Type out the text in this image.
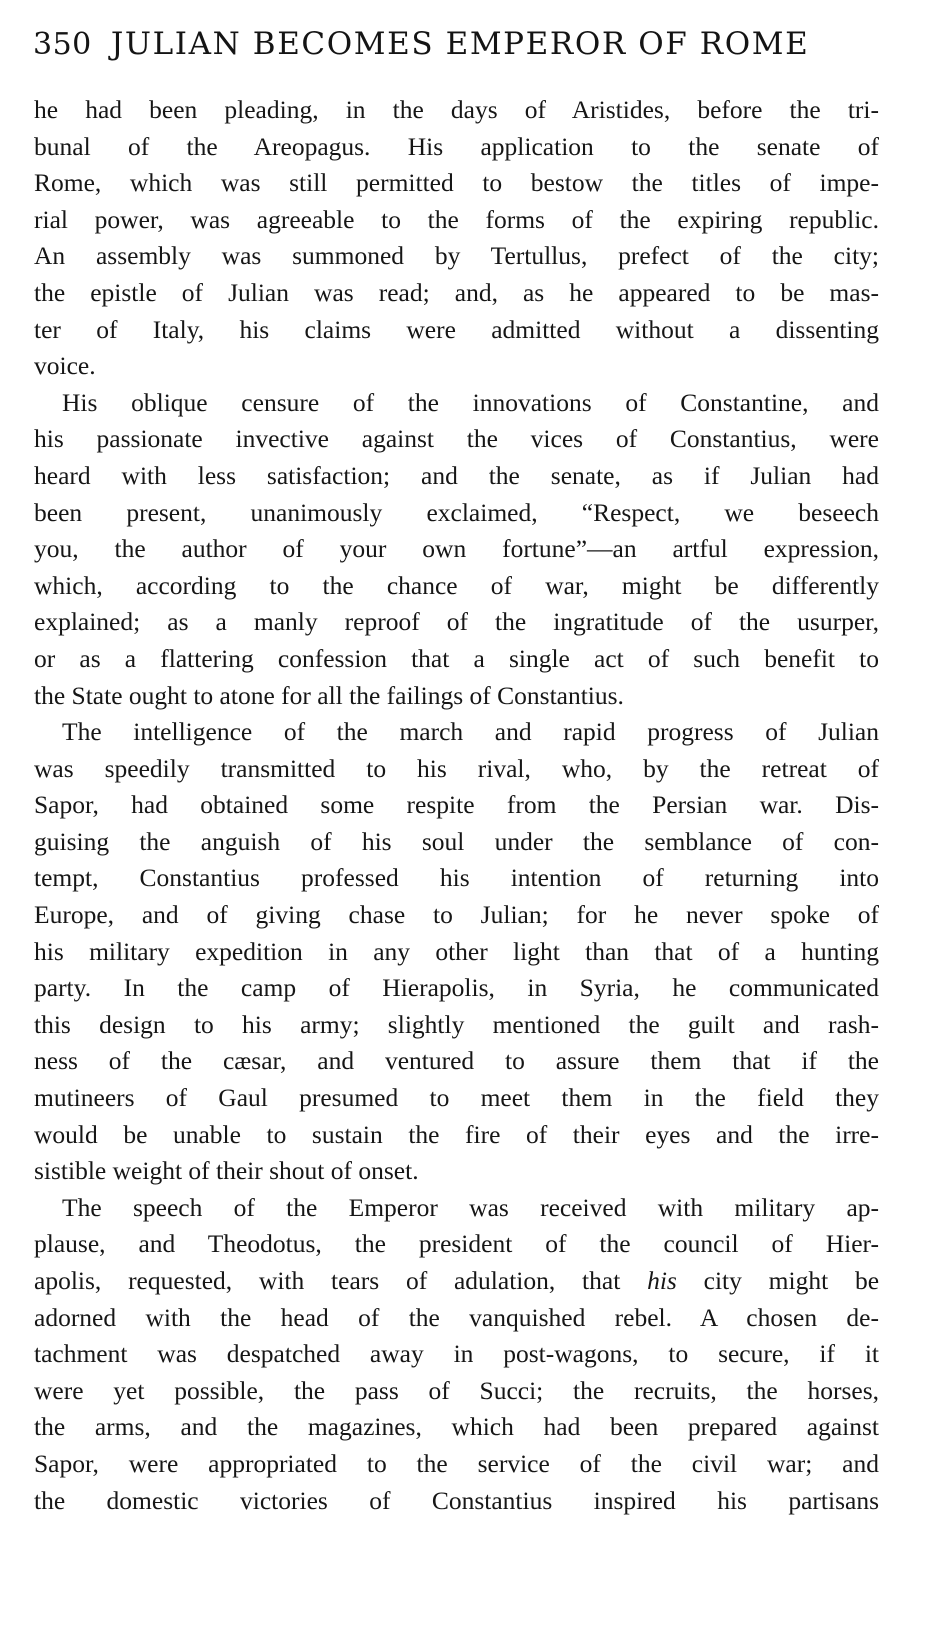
350 JULIAN BECOMES EMPEROR OF ROME
he had been pleading, in the days of Aristides, before the tri-
bunal of the Areopagus. His application to the senate of
Rome, which was still permitted to bestow the titles of impe-
rial power, was agreeable to the forms of the expiring republic.
An assembly was summoned by Tertullus, prefect of the city;
the epistle of Julian was read; and, as he appeared to be mas-
ter of Italy, his claims were admitted without a dissenting
voice.
His oblique censure of the innovations of Constantine, and
his passionate invective against the vices of Constantius, were
heard with less satisfaction; and the senate, as if Julian had
been present, unanimously exclaimed, “Respect, we beseech
you, the author of your own fortune”—an artful expression,
which, according to the chance of war, might be differently
explained; as a manly reproof of the ingratitude of the usurper,
or as a flattering confession that a single act of such benefit to
the State ought to atone for all the failings of Constantius.
The intelligence of the march and rapid progress of Julian
was speedily transmitted to his rival, who, by the retreat of
Sapor, had obtained some respite from the Persian war. Dis-
guising the anguish of his soul under the semblance of con-
tempt, Constantius professed his intention of returning into
Europe, and of giving chase to Julian; for he never spoke of
his military expedition in any other light than that of a hunting
party. In the camp of Hierapolis, in Syria, he communicated
this design to his army; slightly mentioned the guilt and rash-
ness of the cæsar, and ventured to assure them that if the
mutineers of Gaul presumed to meet them in the field they
would be unable to sustain the fire of their eyes and the irre-
sistible weight of their shout of onset.
The speech of the Emperor was received with military ap-
plause, and Theodotus, the president of the council of Hier-
apolis, requested, with tears of adulation, that his city might be
adorned with the head of the vanquished rebel. A chosen de-
tachment was despatched away in post-wagons, to secure, if it
were yet possible, the pass of Succi; the recruits, the horses,
the arms, and the magazines, which had been prepared against
Sapor, were appropriated to the service of the civil war; and
the domestic victories of Constantius inspired his partisans
